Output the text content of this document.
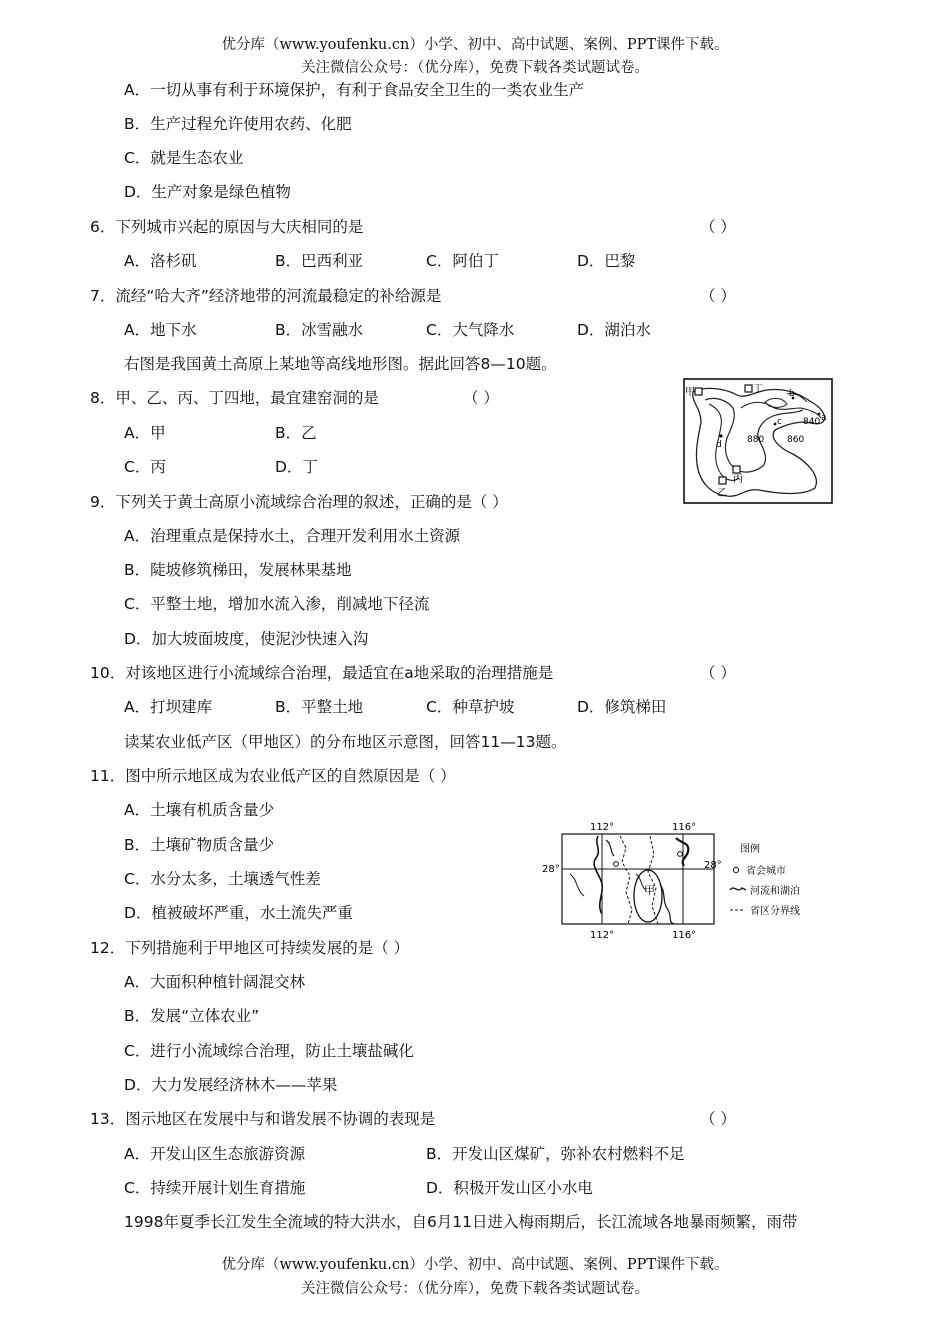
优分库（www.youfenku.cn）小学、初中、高中试题、案例、PPT课件下载。
关注微信公众号：（优分库），免费下载各类试题试卷。
A．一切从事有利于环境保护，有利于食品安全卫生的一类农业生产
B．生产过程允许使用农药、化肥
C．就是生态农业
D．生产对象是绿色植物
6．下列城市兴起的原因与大庆相同的是	（ ）
A．洛杉矶	B．巴西利亚	C．阿伯丁	D．巴黎
7．流经“哈大齐”经济地带的河流最稳定的补给源是	（ ）
A．地下水	B．冰雪融水	C．大气降水	D．湖泊水
右图是我国黄土高原上某地等高线地形图。据此回答8—10题。
8．甲、乙、丙、丁四地，最宜建窑洞的是	（ ）
A．甲	B．乙
C．丙	D．丁
甲	丁
丙
乙
b
a
c
d
840
860
880
9．下列关于黄土高原小流域综合治理的叙述，正确的是（ ）
A．治理重点是保持水土，合理开发利用水土资源
B．陡坡修筑梯田，发展林果基地
C．平整土地，增加水流入渗，削减地下径流
D．加大坡面坡度，使泥沙快速入沟
10．对该地区进行小流域综合治理，最适宜在a地采取的治理措施是	（ ）
A．打坝建库	B．平整土地	C．种草护坡	D．修筑梯田
读某农业低产区（甲地区）的分布地区示意图，回答11—13题。
11．图中所示地区成为农业低产区的自然原因是（ ）
A．土壤有机质含量少
B．土壤矿物质含量少
C．水分太多，土壤透气性差
D．植被破坏严重，水土流失严重
甲
112°	116°
112°	116°
28°	28°
图例
省会城市
河流和湖泊
省区分界线
12．下列措施利于甲地区可持续发展的是（ ）
A．大面积种植针阔混交林
B．发展“立体农业”
C．进行小流域综合治理，防止土壤盐碱化
D．大力发展经济林木——苹果
13．图示地区在发展中与和谐发展不协调的表现是	（ ）
A．开发山区生态旅游资源	B．开发山区煤矿，弥补农村燃料不足
C．持续开展计划生育措施	D．积极开发山区小水电
1998年夏季长江发生全流域的特大洪水，自6月11日进入梅雨期后，长江流域各地暴雨频繁，雨带
优分库（www.youfenku.cn）小学、初中、高中试题、案例、PPT课件下载。
关注微信公众号：（优分库），免费下载各类试题试卷。
